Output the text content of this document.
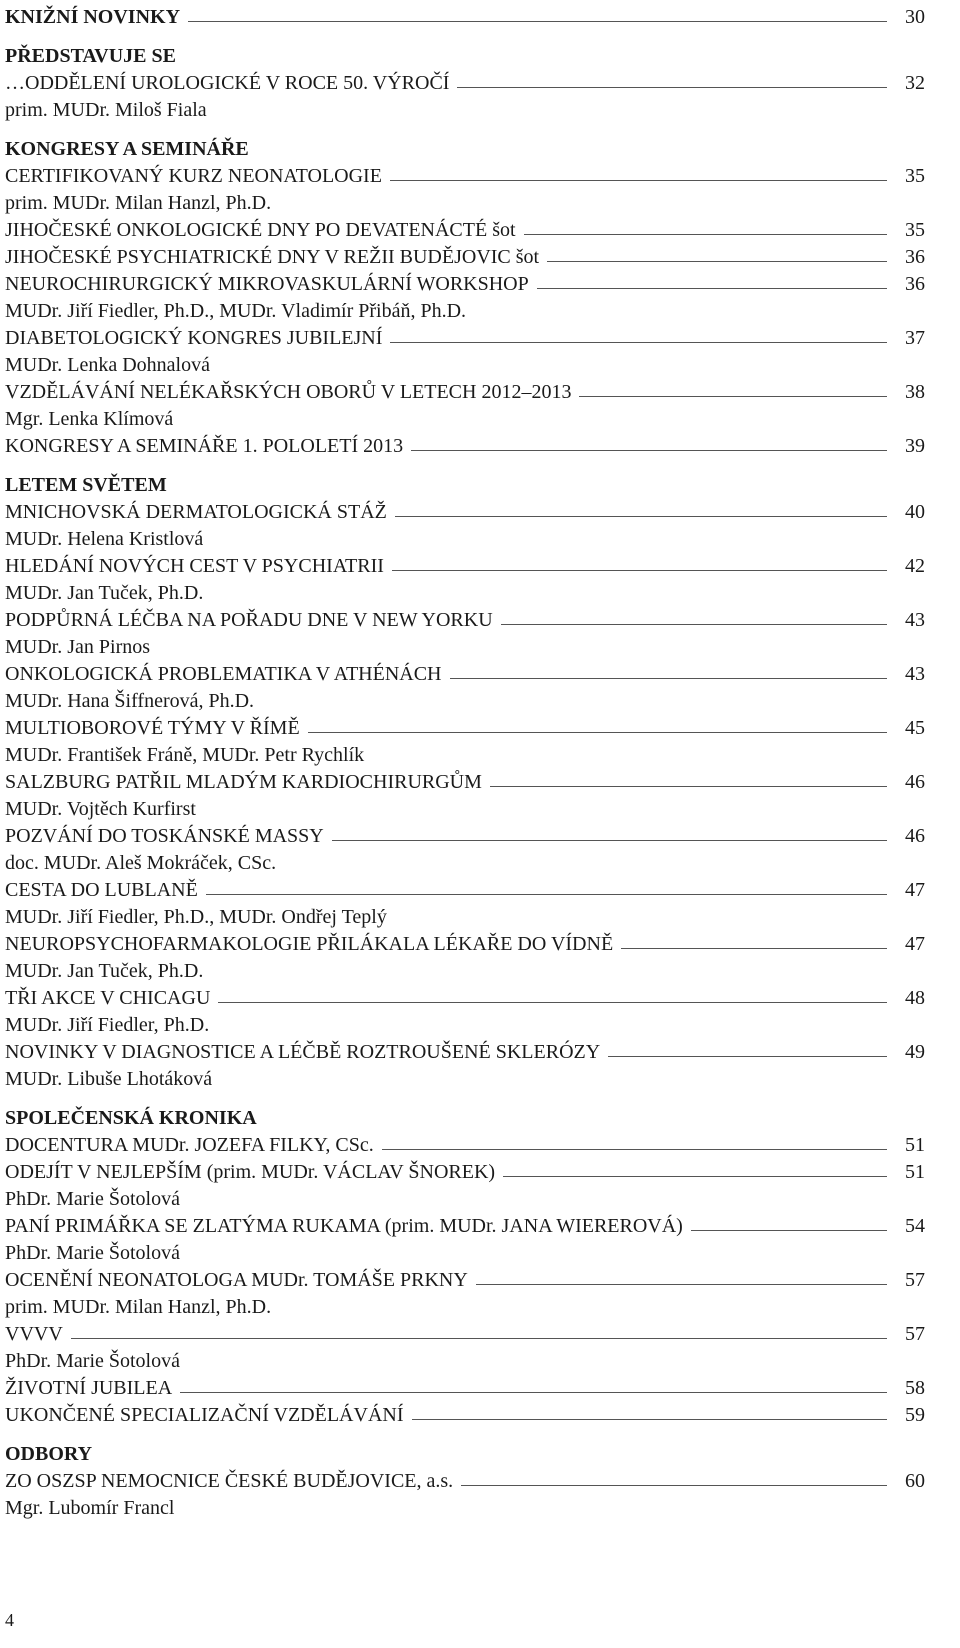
KNIŽNÍ NOVINKY	30
PŘEDSTAVUJE SE
…ODDĚLENÍ UROLOGICKÉ V ROCE 50. VÝROČÍ	32
prim. MUDr. Miloš Fiala
KONGRESY A SEMINÁŘE
CERTIFIKOVANÝ KURZ NEONATOLOGIE	35
prim. MUDr. Milan Hanzl, Ph.D.
JIHOČESKÉ ONKOLOGICKÉ DNY PO DEVATENÁCTÉ šot	35
JIHOČESKÉ PSYCHIATRICKÉ DNY V REŽII BUDĚJOVIC šot	36
NEUROCHIRURGICKÝ MIKROVASKULÁRNÍ WORKSHOP	36
MUDr. Jiří Fiedler, Ph.D., MUDr. Vladimír Přibáň, Ph.D.
DIABETOLOGICKÝ KONGRES JUBILEJNÍ	37
MUDr. Lenka Dohnalová
VZDĚLÁVÁNÍ NELÉKAŘSKÝCH OBORŮ V LETECH 2012–2013	38
Mgr. Lenka Klímová
KONGRESY A SEMINÁŘE 1. POLOLETÍ 2013	39
LETEM SVĚTEM
MNICHOVSKÁ DERMATOLOGICKÁ STÁŽ	40
MUDr. Helena Kristlová
HLEDÁNÍ NOVÝCH CEST V PSYCHIATRII	42
MUDr. Jan Tuček, Ph.D.
PODPŮRNÁ LÉČBA NA POŘADU DNE V NEW YORKU	43
MUDr. Jan Pirnos
ONKOLOGICKÁ PROBLEMATIKA V ATHÉNÁCH	43
MUDr. Hana Šiffnerová, Ph.D.
MULTIOBOROVÉ TÝMY V ŘÍMĚ	45
MUDr. František Fráně, MUDr. Petr Rychlík
SALZBURG PATŘIL MLADÝM KARDIOCHIRURGŮM	46
MUDr. Vojtěch Kurfirst
POZVÁNÍ DO TOSKÁNSKÉ MASSY	46
doc. MUDr. Aleš Mokráček, CSc.
CESTA DO LUBLANĚ	47
MUDr. Jiří Fiedler, Ph.D., MUDr. Ondřej Teplý
NEUROPSYCHOFARMAKOLOGIE PŘILÁKALA LÉKAŘE DO VÍDNĚ	47
MUDr. Jan Tuček, Ph.D.
TŘI AKCE V CHICAGU	48
MUDr. Jiří Fiedler, Ph.D.
NOVINKY V DIAGNOSTICE A LÉČBĚ ROZTROUŠENÉ SKLERÓZY	49
MUDr. Libuše Lhotáková
SPOLEČENSKÁ KRONIKA
DOCENTURA MUDr. JOZEFA FILKY, CSc.	51
ODEJÍT V NEJLEPŠÍM (prim. MUDr. VÁCLAV ŠNOREK)	51
PhDr. Marie Šotolová
PANÍ PRIMÁŘKA SE ZLATÝMA RUKAMA (prim. MUDr. JANA WIEREROVÁ)	54
PhDr. Marie Šotolová
OCENĚNÍ NEONATOLOGA MUDr. TOMÁŠE PRKNY	57
prim. MUDr. Milan Hanzl, Ph.D.
VVVV	57
PhDr. Marie Šotolová
ŽIVOTNÍ JUBILEA	58
UKONČENÉ SPECIALIZAČNÍ VZDĚLÁVÁNÍ	59
ODBORY
ZO OSZSP NEMOCNICE ČESKÉ BUDĚJOVICE, a.s.	60
Mgr. Lubomír Francl
4
